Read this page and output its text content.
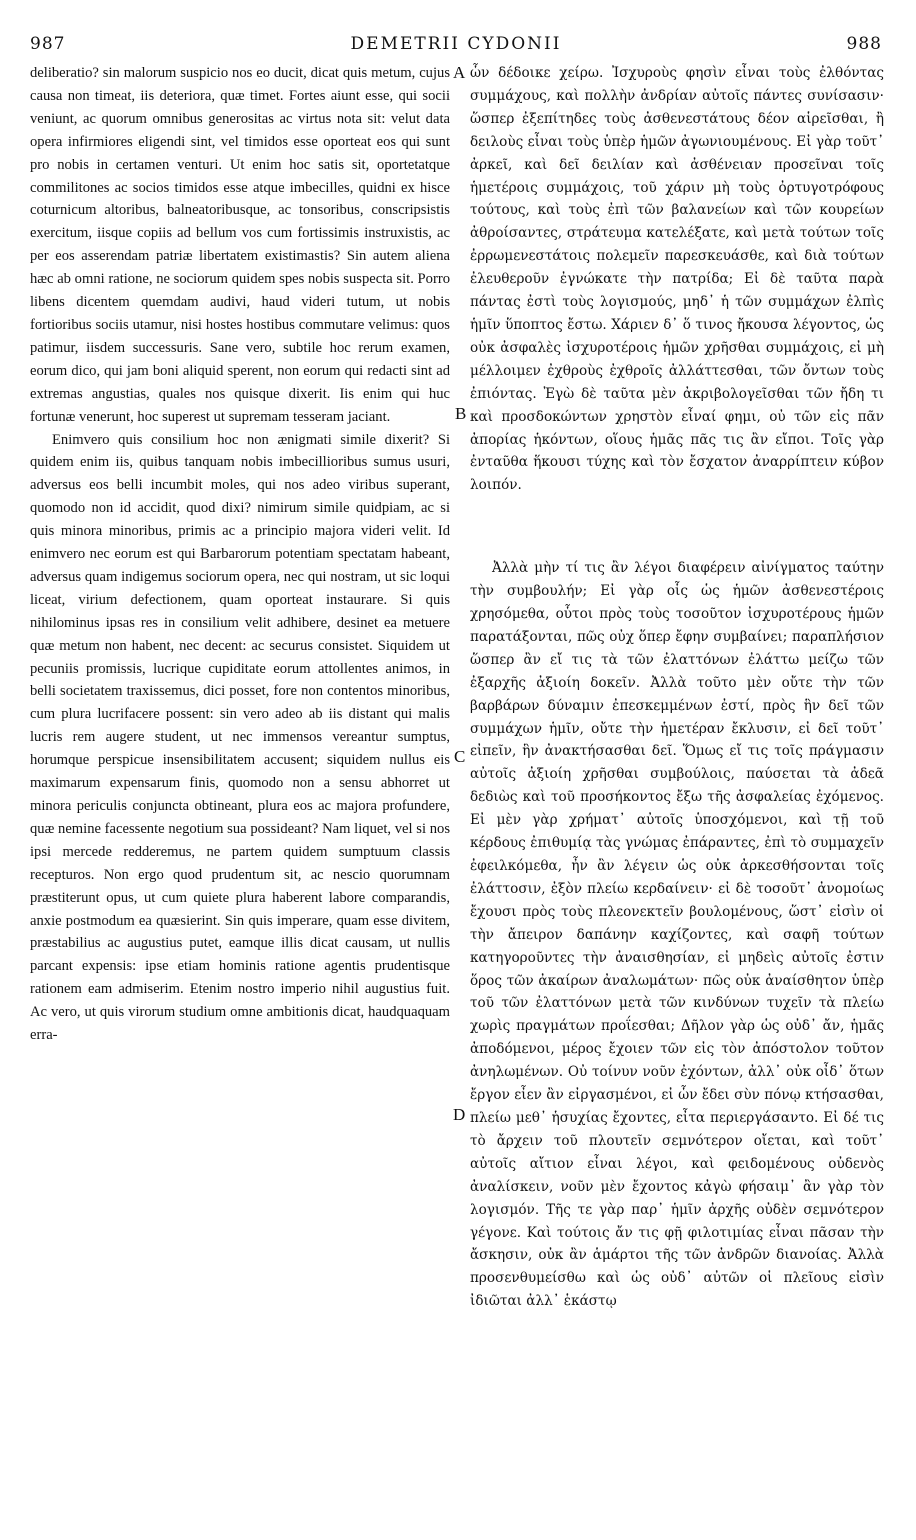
987	DEMETRII CYDONII	988

deliberatio? sin malorum suspicio nos eo ducit, dicat quis metum, cujus causa non timeat, iis deteriora, quæ timet. Fortes aiunt esse, qui socii veniunt, ac quorum omnibus generositas ac virtus nota sit: velut data opera infirmiores eligendi sint, vel timidos esse oporteat eos qui sunt pro nobis in certamen venturi. Ut enim hoc satis sit, oportetatque commilitones ac socios timidos esse atque imbecilles, quidni ex hisce coturnicum altoribus, balneatoribusque, ac tonsoribus, conscripsistis exercitum, iisque copiis ad bellum vos cum fortissimis instruxistis, ac per eos asserendam patriæ libertatem existimastis? Sin autem aliena hæc ab omni ratione, ne sociorum quidem spes nobis suspecta sit. Porro libens dicentem quemdam audivi, haud videri tutum, ut nobis fortioribus sociis utamur, nisi hostes hostibus commutare velimus: quos patimur, iisdem successuris. Sane vero, subtile hoc rerum examen, eorum dico, qui jam boni aliquid sperent, non eorum qui redacti sint ad extremas angustias, quales nos quisque dixerit. Iis enim qui huc fortunæ venerunt, hoc superest ut supremam tesseram jaciant.

Enimvero quis consilium hoc non ænigmati simile dixerit? Si quidem enim iis, quibus tanquam nobis imbecillioribus sumus usuri, adversus eos belli incumbit moles, qui nos adeo viribus superant, quomodo non id accidit, quod dixi? nimirum simile quidpiam, ac si quis minora minoribus, primis ac a principio majora videri velit. Id enimvero nec eorum est qui Barbarorum potentiam spectatam habeant, adversus quam indigemus sociorum opera, nec qui nostram, ut sic loqui liceat, virium defectionem, quam oporteat instaurare. Si quis nihilominus ipsas res in consilium velit adhibere, desinet ea metuere quæ metum non habent, nec decent: ac securus consistet. Siquidem ut pecuniis promissis, lucrique cupiditate eorum attollentes animos, in belli societatem traxissemus, dici posset, fore non contentos minoribus, cum plura lucrifacere possent: sin vero adeo ab iis distant qui malis lucris rem augere student, ut nec immensos vereantur sumptus, horumque perspicue insensibilitatem accusent; siquidem nullus eis maximarum expensarum finis, quomodo non a sensu abhorret ut minora periculis conjuncta obtineant, plura eos ac majora profundere, quæ nemine facessente negotium sua possideant? Nam liquet, vel si nos ipsi mercede redderemus, ne partem quidem sumptuum classis recepturos. Non ergo quod prudentum sit, ac nescio quorumnam præstiterunt opus, ut cum quiete plura haberent labore comparandis, anxie postmodum ea quæsierint. Sin quis imperare, quam esse divitem, præstabilius ac augustius putet, eamque illis dicat causam, ut nullis parcant expensis: ipse etiam hominis ratione agentis prudentisque rationem eam admiserim. Etenim nostro imperio nihil augustius fuit. Ac vero, ut quis virorum studium omne ambitionis dicat, haudquaquam erra-

A
B
C
D

ὧν δέδοικε χείρω. Ἰσχυροὺς φησὶν εἶναι τοὺς ἐλθόντας συμμάχους, καὶ πολλὴν ἀνδρίαν αὐτοῖς πάντες συνίσασιν· ὥσπερ ἐξεπίτηδες τοὺς ἀσθενεστάτους δέον αἱρεῖσθαι, ἢ δειλοὺς εἶναι τοὺς ὑπὲρ ἡμῶν ἀγωνιουμένους. Εἰ γὰρ τοῦτ᾽ ἀρκεῖ, καὶ δεῖ δειλίαν καὶ ἀσθένειαν προσεῖναι τοῖς ἡμετέροις συμμάχοις, τοῦ χάριν μὴ τοὺς ὀρτυγοτρόφους τούτους, καὶ τοὺς ἐπὶ τῶν βαλανείων καὶ τῶν κουρείων ἀθροίσαντες, στράτευμα κατελέξατε, καὶ μετὰ τούτων τοῖς ἐρρωμενεστάτοις πολεμεῖν παρεσκευάσθε, καὶ διὰ τούτων ἐλευθεροῦν ἐγνώκατε τὴν πατρίδα; Εἰ δὲ ταῦτα παρὰ πάντας ἐστὶ τοὺς λογισμούς, μηδ᾽ ἡ τῶν συμμάχων ἐλπὶς ἡμῖν ὕποπτος ἔστω. Χάριεν δ᾽ ὅ τινος ἤκουσα λέγοντος, ὡς οὐκ ἀσφαλὲς ἰσχυροτέροις ἡμῶν χρῆσθαι συμμάχοις, εἰ μὴ μέλλοιμεν ἐχθροὺς ἐχθροῖς ἀλλάττεσθαι, τῶν ὄντων τοὺς ἐπιόντας. Ἐγὼ δὲ ταῦτα μὲν ἀκριβολογεῖσθαι τῶν ἤδη τι καὶ προσδοκώντων χρηστὸν εἶναί φημι, οὐ τῶν εἰς πᾶν ἀπορίας ἡκόντων, οἵους ἡμᾶς πᾶς τις ἂν εἴποι. Τοῖς γὰρ ἐνταῦθα ἥκουσι τύχης καὶ τὸν ἔσχατον ἀναρρίπτειν κύβον λοιπόν.

Ἀλλὰ μὴν τί τις ἂν λέγοι διαφέρειν αἰνίγματος ταύτην τὴν συμβουλήν; Εἰ γὰρ οἷς ὡς ἡμῶν ἀσθενεστέροις χρησόμεθα, οὗτοι πρὸς τοὺς τοσοῦτον ἰσχυροτέρους ἡμῶν παρατάξονται, πῶς οὐχ ὅπερ ἔφην συμβαίνει; παραπλήσιον ὥσπερ ἂν εἴ τις τὰ τῶν ἐλαττόνων ἐλάττω μείζω τῶν ἐξαρχῆς ἀξιοίη δοκεῖν. Ἀλλὰ τοῦτο μὲν οὔτε τὴν τῶν βαρβάρων δύναμιν ἐπεσκεμμένων ἐστί, πρὸς ἣν δεῖ τῶν συμμάχων ἡμῖν, οὔτε τὴν ἡμετέραν ἔκλυσιν, εἰ δεῖ τοῦτ᾽ εἰπεῖν, ἣν ἀνακτήσασθαι δεῖ. Ὅμως εἴ τις τοῖς πράγμασιν αὐτοῖς ἀξιοίη χρῆσθαι συμβούλοις, παύσεται τὰ ἀδεᾶ δεδιὼς καὶ τοῦ προσήκοντος ἔξω τῆς ἀσφαλείας ἐχόμενος. Εἰ μὲν γὰρ χρήματ᾽ αὐτοῖς ὑποσχόμενοι, καὶ τῇ τοῦ κέρδους ἐπιθυμίᾳ τὰς γνώμας ἐπάραντες, ἐπὶ τὸ συμμαχεῖν ἐφειλκόμεθα, ἦν ἂν λέγειν ὡς οὐκ ἀρκεσθήσονται τοῖς ἐλάττοσιν, ἐξὸν πλείω κερδαίνειν· εἰ δὲ τοσοῦτ᾽ ἀνομοίως ἔχουσι πρὸς τοὺς πλεονεκτεῖν βουλομένους, ὥστ᾽ εἰσὶν οἱ τὴν ἄπειρον δαπάνην καχίζοντες, καὶ σαφῆ τούτων κατηγοροῦντες τὴν ἀναισθησίαν, εἰ μηδεὶς αὐτοῖς ἐστιν ὅρος τῶν ἀκαίρων ἀναλωμάτων· πῶς οὐκ ἀναίσθητον ὑπὲρ τοῦ τῶν ἐλαττόνων μετὰ τῶν κινδύνων τυχεῖν τὰ πλείω χωρὶς πραγμάτων προΐεσθαι; Δῆλον γὰρ ὡς οὐδ᾽ ἄν, ἡμᾶς ἀποδόμενοι, μέρος ἔχοιεν τῶν εἰς τὸν ἀπόστολον τοῦτον ἀνηλωμένων. Οὐ τοίνυν νοῦν ἐχόντων, ἀλλ᾽ οὐκ οἶδ᾽ ὅτων ἔργον εἶεν ἂν εἰργασμένοι, εἰ ὧν ἔδει σὺν πόνῳ κτήσασθαι, πλείω μεθ᾽ ἡσυχίας ἔχοντες, εἶτα περιεργάσαντο. Εἰ δέ τις τὸ ἄρχειν τοῦ πλουτεῖν σεμνότερον οἴεται, καὶ τοῦτ᾽ αὐτοῖς αἴτιον εἶναι λέγοι, καὶ φειδομένους οὐδενὸς ἀναλίσκειν, νοῦν μὲν ἔχοντος κἀγὼ φήσαιμ᾽ ἂν γὰρ τὸν λογισμόν. Τῆς τε γὰρ παρ᾽ ἡμῖν ἀρχῆς οὐδὲν σεμνότερον γέγονε. Καὶ τούτοις ἄν τις φῇ φιλοτιμίας εἶναι πᾶσαν τὴν ἄσκησιν, οὐκ ἂν ἁμάρτοι τῆς τῶν ἀνδρῶν διανοίας. Ἀλλὰ προσενθυμείσθω καὶ ὡς οὐδ᾽ αὐτῶν οἱ πλεῖους εἰσὶν ἰδιῶται ἀλλ᾽ ἑκάστῳ
